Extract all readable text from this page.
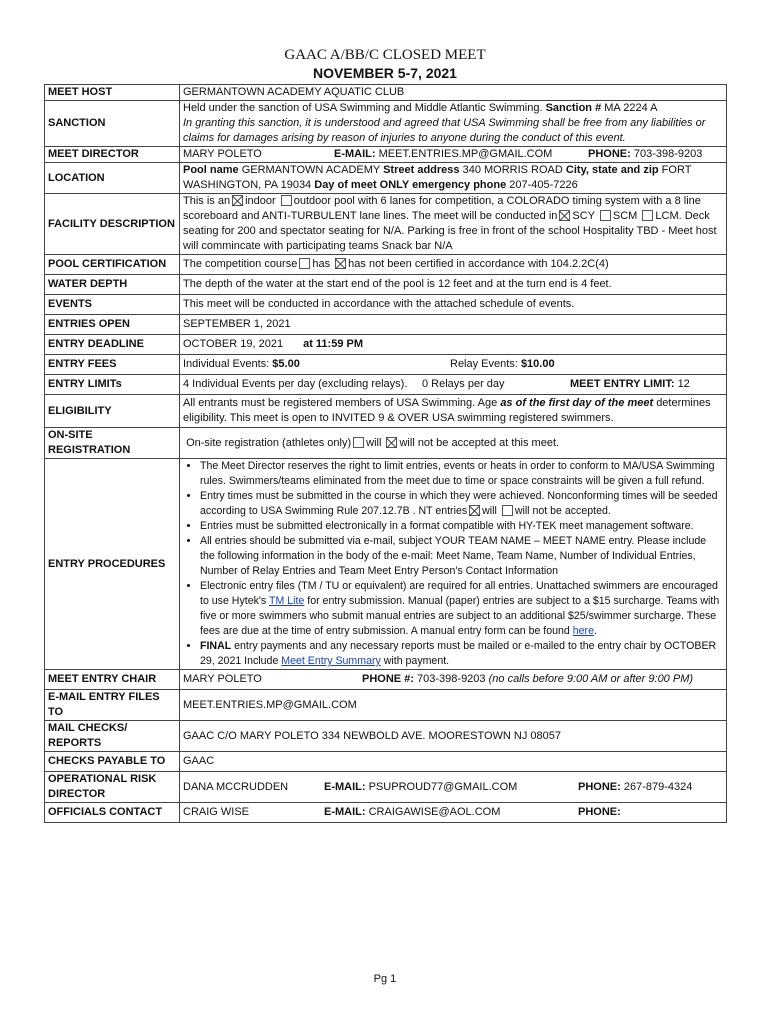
GAAC A/BB/C CLOSED MEET
NOVEMBER 5-7, 2021
MEET HOST	GERMANTOWN ACADEMY AQUATIC CLUB
SANCTION	Held under the sanction of USA Swimming and Middle Atlantic Swimming. Sanction # MA 2224 A
In granting this sanction, it is understood and agreed that USA Swimming shall be free from any liabilities or claims for damages arising by reason of injuries to anyone during the conduct of this event.
MEET DIRECTOR		MARY POLETO	E-MAIL: MEET.ENTRIES.MP@GMAIL.COM	PHONE: 703-398-9203

LOCATION	Pool name GERMANTOWN ACADEMY Street address 340 MORRIS ROAD City, state and zip FORT WASHINGTON, PA 19034 Day of meet ONLY emergency phone 207-405-7226
FACILITY DESCRIPTION	This is an indoor outdoor pool with 6 lanes for competition, a COLORADO timing system with a 8 line scoreboard and ANTI-TURBULENT lane lines. The meet will be conducted in SCY SCM LCM. Deck seating for 200 and spectator seating for N/A. Parking is free in front of the school Hospitality TBD - Meet host will commincate with participating teams Snack bar N/A
POOL CERTIFICATION	The competition course has has not been certified in accordance with 104.2.2C(4)
WATER DEPTH	The depth of the water at the start end of the pool is 12 feet and at the turn end is 4 feet.
EVENTS	This meet will be conducted in accordance with the attached schedule of events.
ENTRIES OPEN	SEPTEMBER 1, 2021
ENTRY DEADLINE	OCTOBER 19, 2021 at 11:59 PM
ENTRY FEES		Individual Events: $5.00	Relay Events: $10.00

ENTRY LIMITs		4 Individual Events per day (excluding relays).	0 Relays per day	MEET ENTRY LIMIT: 12

ELIGIBILITY	All entrants must be registered members of USA Swimming. Age as of the first day of the meet determines eligibility. This meet is open to INVITED 9 & OVER USA swimming registered swimmers.
ON-SITE REGISTRATION	On-site registration (athletes only) will will not be accepted at this meet.
ENTRY PROCEDURES	
• The Meet Director reserves the right to limit entries, events or heats in order to conform to MA/USA Swimming rules. Swimmers/teams eliminated from the meet due to time or space constraints will be given a full refund.
• Entry times must be submitted in the course in which they were achieved. Nonconforming times will be seeded according to USA Swimming Rule 207.12.7B . NT entries will will not be accepted.
• Entries must be submitted electronically in a format compatible with HY-TEK meet management software.
• All entries should be submitted via e-mail, subject YOUR TEAM NAME – MEET NAME entry. Please include the following information in the body of the e-mail: Meet Name, Team Name, Number of Individual Entries, Number of Relay Entries and Team Meet Entry Person's Contact Information
• Electronic entry files (TM / TU or equivalent) are required for all entries. Unattached swimmers are encouraged to use Hytek's TM Lite for entry submission. Manual (paper) entries are subject to a $15 surcharge. Teams with five or more swimmers who submit manual entries are subject to an additional $25/swimmer surcharge. These fees are due at the time of entry submission. A manual entry form can be found here.
• FINAL entry payments and any necessary reports must be mailed or e-mailed to the entry chair by OCTOBER 29, 2021 Include Meet Entry Summary with payment.

MEET ENTRY CHAIR	MARY POLETO	PHONE #: 703-398-9203 (no calls before 9:00 AM or after 9:00 PM)

E-MAIL ENTRY FILES TO	MEET.ENTRIES.MP@GMAIL.COM
MAIL CHECKS/ REPORTS	GAAC C/O MARY POLETO 334 NEWBOLD AVE. MOORESTOWN NJ 08057
CHECKS PAYABLE TO	GAAC
OPERATIONAL RISK DIRECTOR	
DANA MCCRUDDEN	E-MAIL: PSUPROUD77@GMAIL.COM	PHONE: 267-879-4324

OFFICIALS CONTACT	CRAIG WISE	E-MAIL: CRAIGAWISE@AOL.COM	PHONE:
Pg 1
